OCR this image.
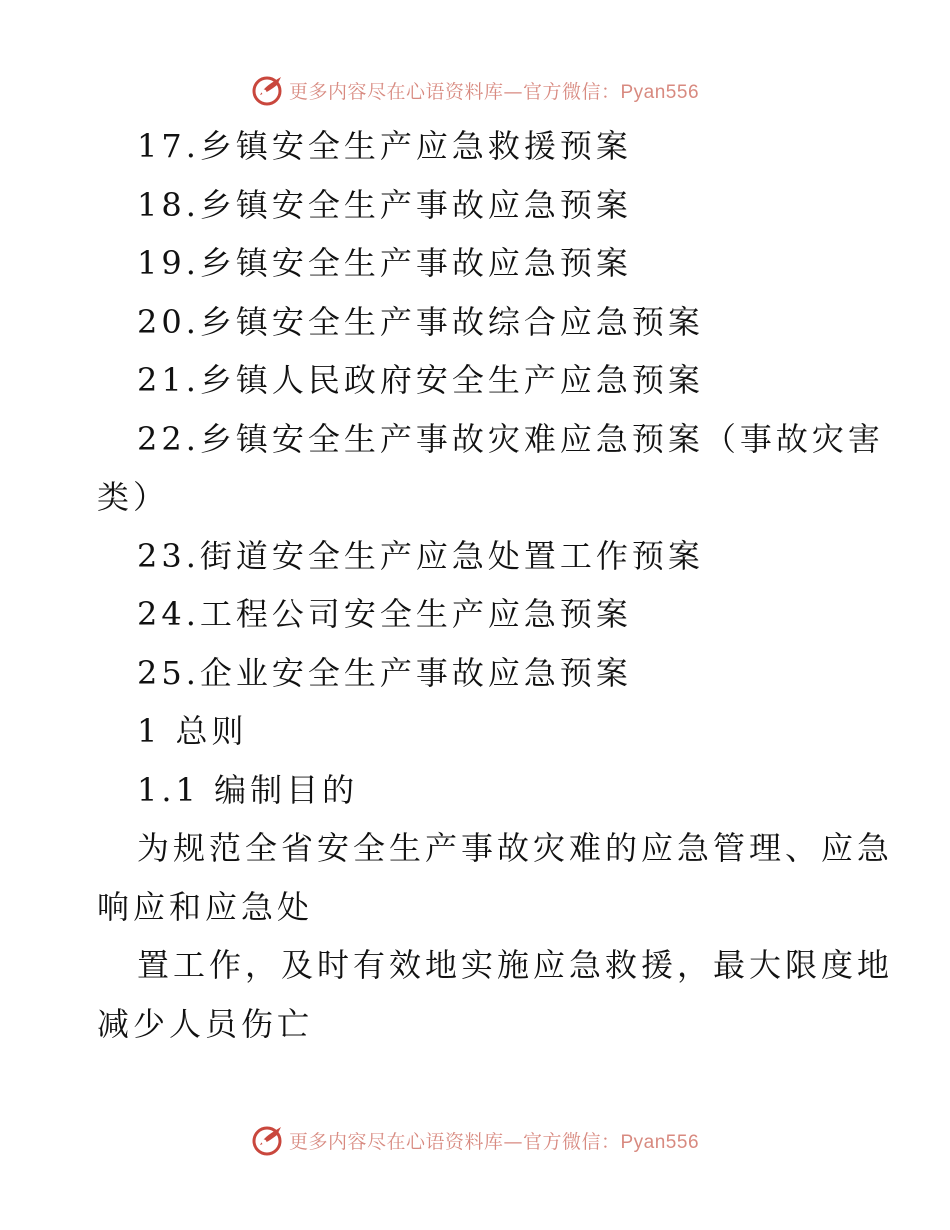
更多内容尽在心语资料库—官方微信：Pyan556

17.乡镇安全生产应急救援预案

18.乡镇安全生产事故应急预案

19.乡镇安全生产事故应急预案

20.乡镇安全生产事故综合应急预案

21.乡镇人民政府安全生产应急预案

22.乡镇安全生产事故灾难应急预案（事故灾害

类）

23.街道安全生产应急处置工作预案

24.工程公司安全生产应急预案

25.企业安全生产事故应急预案

1 总则

1.1 编制目的

为规范全省安全生产事故灾难的应急管理、应急

响应和应急处

置工作，及时有效地实施应急救援，最大限度地

减少人员伤亡

更多内容尽在心语资料库—官方微信：Pyan556
